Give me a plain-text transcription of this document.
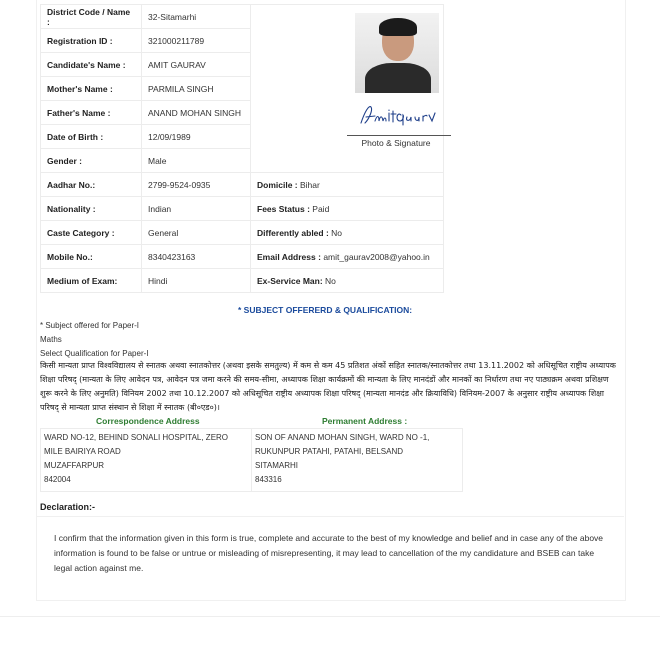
District Code / Name :	32-Sitamarhi	Photo & Signature

Registration ID :	321000211789	
Candidate's Name :	AMIT GAURAV	
Mother's Name :	PARMILA SINGH	
Father's Name :	ANAND MOHAN SINGH	
Date of Birth :	12/09/1989	
Gender :	Male	
Aadhar No.:	2799-9524-0935	Domicile : Bihar
Nationality :	Indian	Fees Status : Paid
Caste Category :	General	Differently abled : No
Mobile No.:	8340423163	Email Address : amit_gaurav2008@yahoo.in
Medium of Exam:	Hindi	Ex-Service Man: No
* SUBJECT OFFERERD & QUALIFICATION:
* Subject offered for Paper-I
Maths
Select Qualification for Paper-I
किसी मान्यता प्राप्त विश्वविद्यालय से स्नातक अथवा स्नातकोत्तर (अथवा इसके समतुल्य) में कम से कम 45 प्रतिशत अंकों सहित स्नातक/स्नातकोत्तर तथा 13.11.2002 को अधिसूचित राष्ट्रीय अध्यापक शिक्षा परिषद् (मान्यता के लिए आवेदन पत्र, आवेदन पत्र जमा करने की समय-सीमा, अध्यापक शिक्षा कार्यक्रमों की मान्यता के लिए मानदंडों और मानकों का निर्धारण तथा नए पाठ्यक्रम अथवा प्रशिक्षण शुरू करने के लिए अनुमति) विनियम 2002 तथा 10.12.2007 को अधिसूचित राष्ट्रीय अध्यापक शिक्षा परिषद् (मान्यता मानदंड और क्रियाविधि) विनियम-2007 के अनुसार राष्ट्रीय अध्यापक शिक्षा परिषद् से मान्यता प्राप्त संस्थान से शिक्षा में स्नातक (बी०एड०)।
Correspondence Address	Permanent Address :
WARD NO-12, BEHIND SONALI HOSPITAL, ZERO
MILE BAIRIYA ROAD
MUZAFFARPUR
842004

SON OF ANAND MOHAN SINGH, WARD NO -1,
RUKUNPUR PATAHI, PATAHI, BELSAND
SITAMARHI
843316
Declaration:-
I confirm that the information given in this form is true, complete and accurate to the best of my knowledge and belief and in case any of the above information is found to be false or untrue or misleading of misrepresenting, it may lead to cancellation of the my candidature and BSEB can take legal action against me.
